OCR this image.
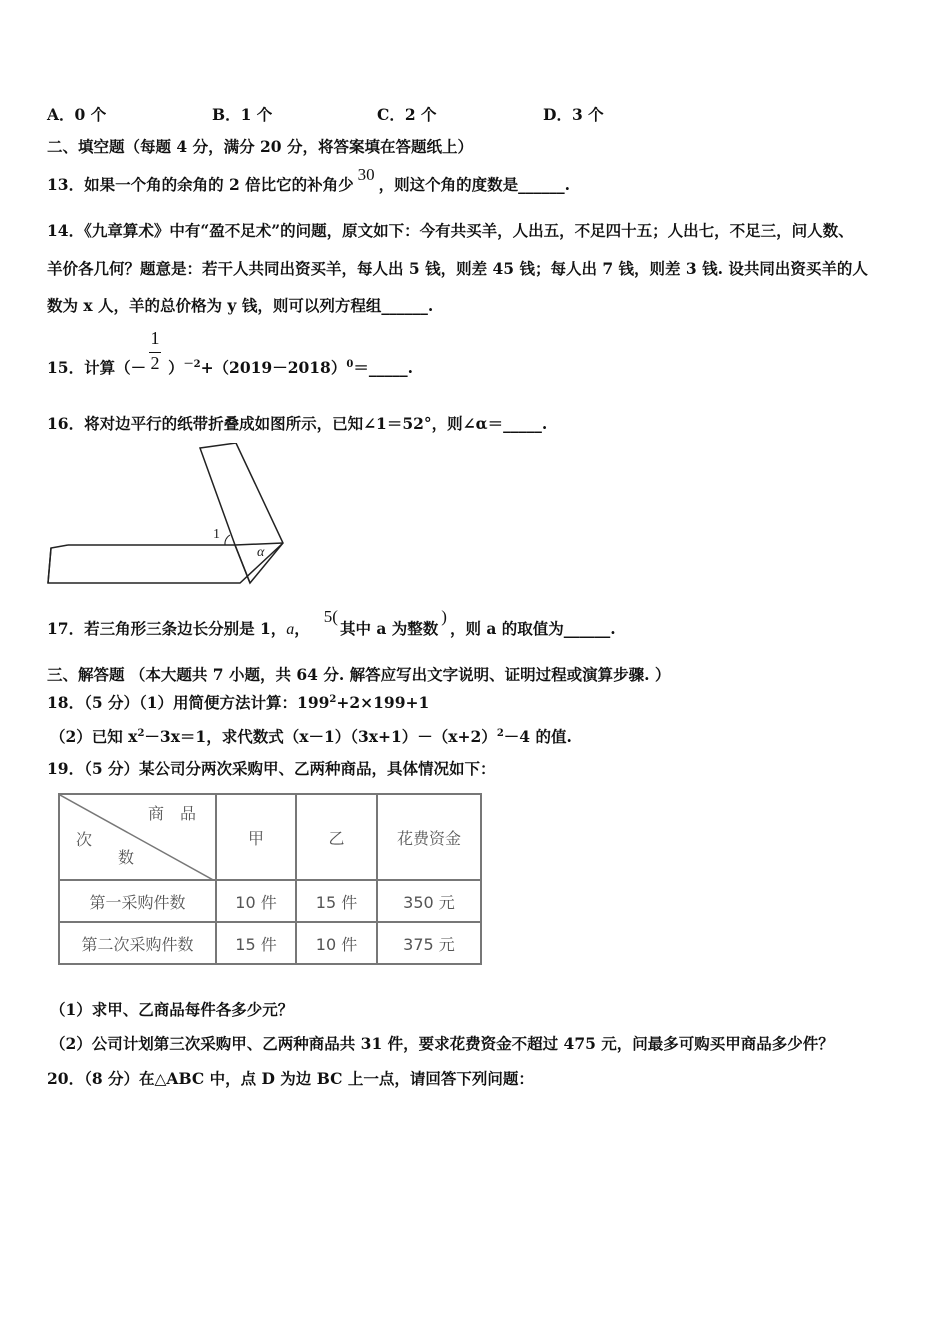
A．0 个	B．1 个	C．2 个	D．3 个
二、填空题（每题 4 分，满分 20 分，将答案填在答题纸上）
13．如果一个角的余角的 2 倍比它的补角少30，则这个角的度数是______.
14．《九章算术》中有“盈不足术”的问题，原文如下：今有共买羊，人出五，不足四十五；人出七，不足三，问人数、
羊价各几何？题意是：若干人共同出资买羊，每人出 5 钱，则差 45 钱；每人出 7 钱，则差 3 钱. 设共同出资买羊的人
数为 x 人，羊的总价格为 y 钱，则可以列方程组______.
15．计算（－ ）$^{-2}+(2019-2018)^0=\_\_\_\_\_$.
1
2
16．将对边平行的纸带折叠成如图所示，已知∠1＝52°，则∠α＝_____.
1
α
17．若三角形三条边长分别是 1，a，5(其中 a 为整数)，则 a 的取值为______.
三、解答题 （本大题共 7 小题，共 64 分. 解答应写出文字说明、证明过程或演算步骤. ）
18．（5 分）（1）用简便方法计算：$199^2+2\times 199+1$
（2）已知 $x^2-3x=1$，求代数式$(x-1)(3x+1)-(x+2)^2-4$ 的值.
19．（5 分）某公司分两次采购甲、乙两种商品，具体情况如下：
商　品
次
数	甲	乙	花费资金
第一采购件数	10 件	15 件	350 元
第二次采购件数	15 件	10 件	375 元
（1）求甲、乙商品每件各多少元？
（2）公司计划第三次采购甲、乙两种商品共 31 件，要求花费资金不超过 475 元，问最多可购买甲商品多少件？
20．（8 分）在△ABC 中，点 D 为边 BC 上一点，请回答下列问题：
